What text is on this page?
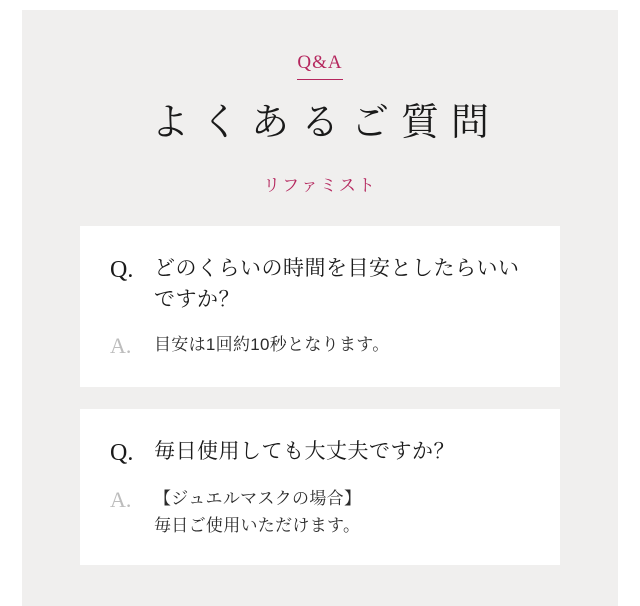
Q&A
よくあるご質問
リファミスト
Q. どのくらいの時間を目安としたらいいですか？
A.	目安は1回約10秒となります。
Q. 毎日使用しても大丈夫ですか？
A.	【ジュエルマスクの場合】
毎日ご使用いただけます。
